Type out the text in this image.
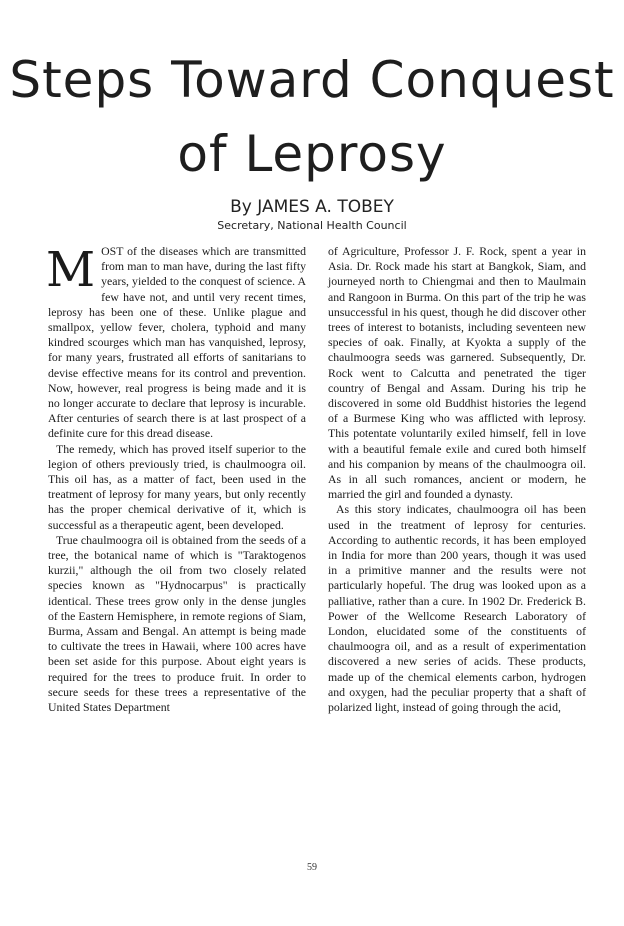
Steps Toward Conquest
of Leprosy
By JAMES A. TOBEY
Secretary, National Health Council

MOST of the diseases which are transmitted from man to man have, during the last fifty years, yielded to the conquest of science. A few have not, and until very recent times, leprosy has been one of these. Unlike plague and smallpox, yellow fever, cholera, typhoid and many kindred scourges which man has vanquished, leprosy, for many years, frustrated all efforts of sanitarians to devise effective means for its control and prevention. Now, however, real progress is being made and it is no longer accurate to declare that leprosy is incurable. After centuries of search there is at last prospect of a definite cure for this dread disease.

The remedy, which has proved itself superior to the legion of others previously tried, is chaulmoogra oil. This oil has, as a matter of fact, been used in the treatment of leprosy for many years, but only recently has the proper chemical derivative of it, which is successful as a therapeutic agent, been developed.

True chaulmoogra oil is obtained from the seeds of a tree, the botanical name of which is "Taraktogenos kurzii," although the oil from two closely related species known as "Hydnocarpus" is practically identical. These trees grow only in the dense jungles of the Eastern Hemisphere, in remote regions of Siam, Burma, Assam and Bengal. An attempt is being made to cultivate the trees in Hawaii, where 100 acres have been set aside for this purpose. About eight years is required for the trees to produce fruit. In order to secure seeds for these trees a representative of the United States Department

of Agriculture, Professor J. F. Rock, spent a year in Asia. Dr. Rock made his start at Bangkok, Siam, and journeyed north to Chiengmai and then to Maulmain and Rangoon in Burma. On this part of the trip he was unsuccessful in his quest, though he did discover other trees of interest to botanists, including seventeen new species of oak. Finally, at Kyokta a supply of the chaulmoogra seeds was garnered. Subsequently, Dr. Rock went to Calcutta and penetrated the tiger country of Bengal and Assam. During his trip he discovered in some old Buddhist histories the legend of a Burmese King who was afflicted with leprosy. This potentate voluntarily exiled himself, fell in love with a beautiful female exile and cured both himself and his companion by means of the chaulmoogra oil. As in all such romances, ancient or modern, he married the girl and founded a dynasty.

As this story indicates, chaulmoogra oil has been used in the treatment of leprosy for centuries. According to authentic records, it has been employed in India for more than 200 years, though it was used in a primitive manner and the results were not particularly hopeful. The drug was looked upon as a palliative, rather than a cure. In 1902 Dr. Frederick B. Power of the Wellcome Research Laboratory of London, elucidated some of the constituents of chaulmoogra oil, and as a result of experimentation discovered a new series of acids. These products, made up of the chemical elements carbon, hydrogen and oxygen, had the peculiar property that a shaft of polarized light, instead of going through the acid,

59
